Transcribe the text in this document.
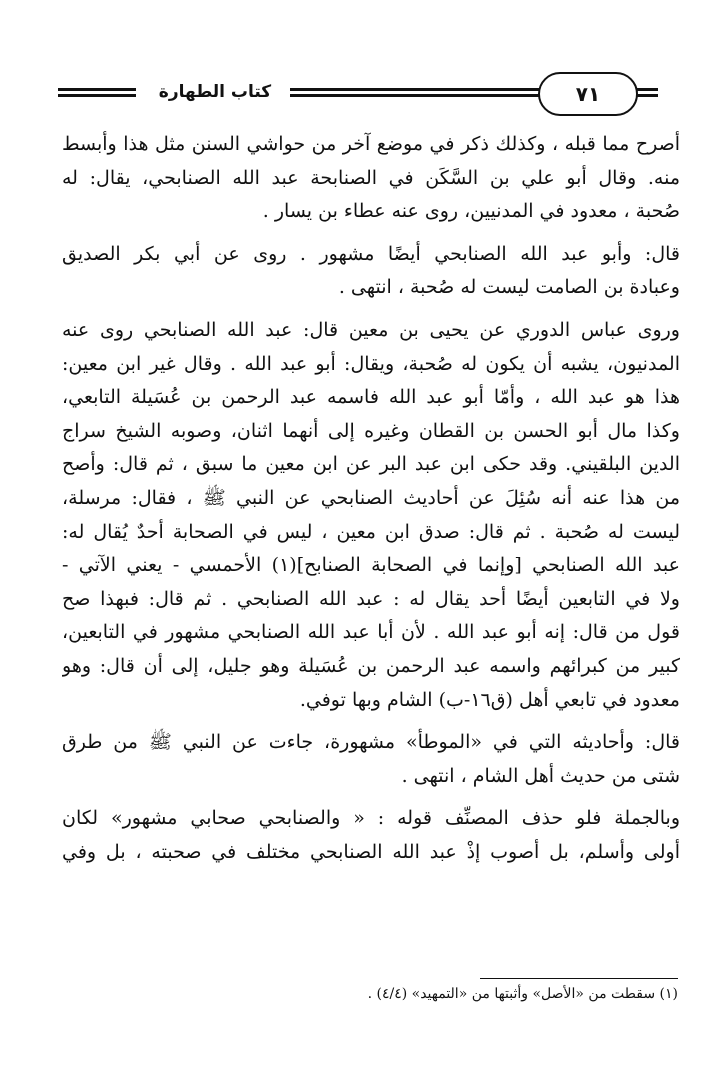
كتاب الطهارة	٧١
أصرح مما قبله ، وكذلك ذكر في موضع آخر من حواشي السنن مثل هذا وأبسط
منه. وقال أبو علي بن السَّكَن في الصنابحة عبد الله الصنابحي، يقال: له
صُحبة ، معدود في المدنيين، روى عنه عطاء بن يسار .
قال: وأبو عبد الله الصنابحي أيضًا مشهور . روى عن أبي بكر الصديق
وعبادة بن الصامت ليست له صُحبة ، انتهى .
وروى عباس الدوري عن يحيى بن معين قال: عبد الله الصنابحي روى عنه
المدنيون، يشبه أن يكون له صُحبة، ويقال: أبو عبد الله . وقال غير ابن معين:
هذا هو عبد الله ، وأمّا أبو عبد الله فاسمه عبد الرحمن بن عُسَيلة التابعي،
وكذا مال أبو الحسن بن القطان وغيره إلى أنهما اثنان، وصوبه الشيخ سراج
الدين البلقيني. وقد حكى ابن عبد البر عن ابن معين ما سبق ، ثم قال: وأصح
من هذا عنه أنه سُئِلَ عن أحاديث الصنابحي عن النبي ﷺ ، فقال: مرسلة،
ليست له صُحبة . ثم قال: صدق ابن معين ، ليس في الصحابة أحدٌ يُقال له:
عبد الله الصنابحي [وإنما في الصحابة الصنابح](١) الأحمسي - يعني الآتي -
ولا في التابعين أيضًا أحد يقال له : عبد الله الصنابحي . ثم قال: فبهذا صح
قول من قال: إنه أبو عبد الله . لأن أبا عبد الله الصنابحي مشهور في التابعين،
كبير من كبرائهم واسمه عبد الرحمن بن عُسَيلة وهو جليل، إلى أن قال: وهو
معدود في تابعي أهل (ق١٦-ب) الشام وبها توفي.
قال: وأحاديثه التي في «الموطأ» مشهورة، جاءت عن النبي ﷺ من طرق
شتى من حديث أهل الشام ، انتهى .
وبالجملة فلو حذف المصنِّف قوله : « والصنابحي صحابي مشهور» لكان
أولى وأسلم، بل أصوب إذْ عبد الله الصنابحي مختلف في صحبته ، بل وفي
(١) سقطت من «الأصل» وأثبتها من «التمهيد» (٤/٤) .
